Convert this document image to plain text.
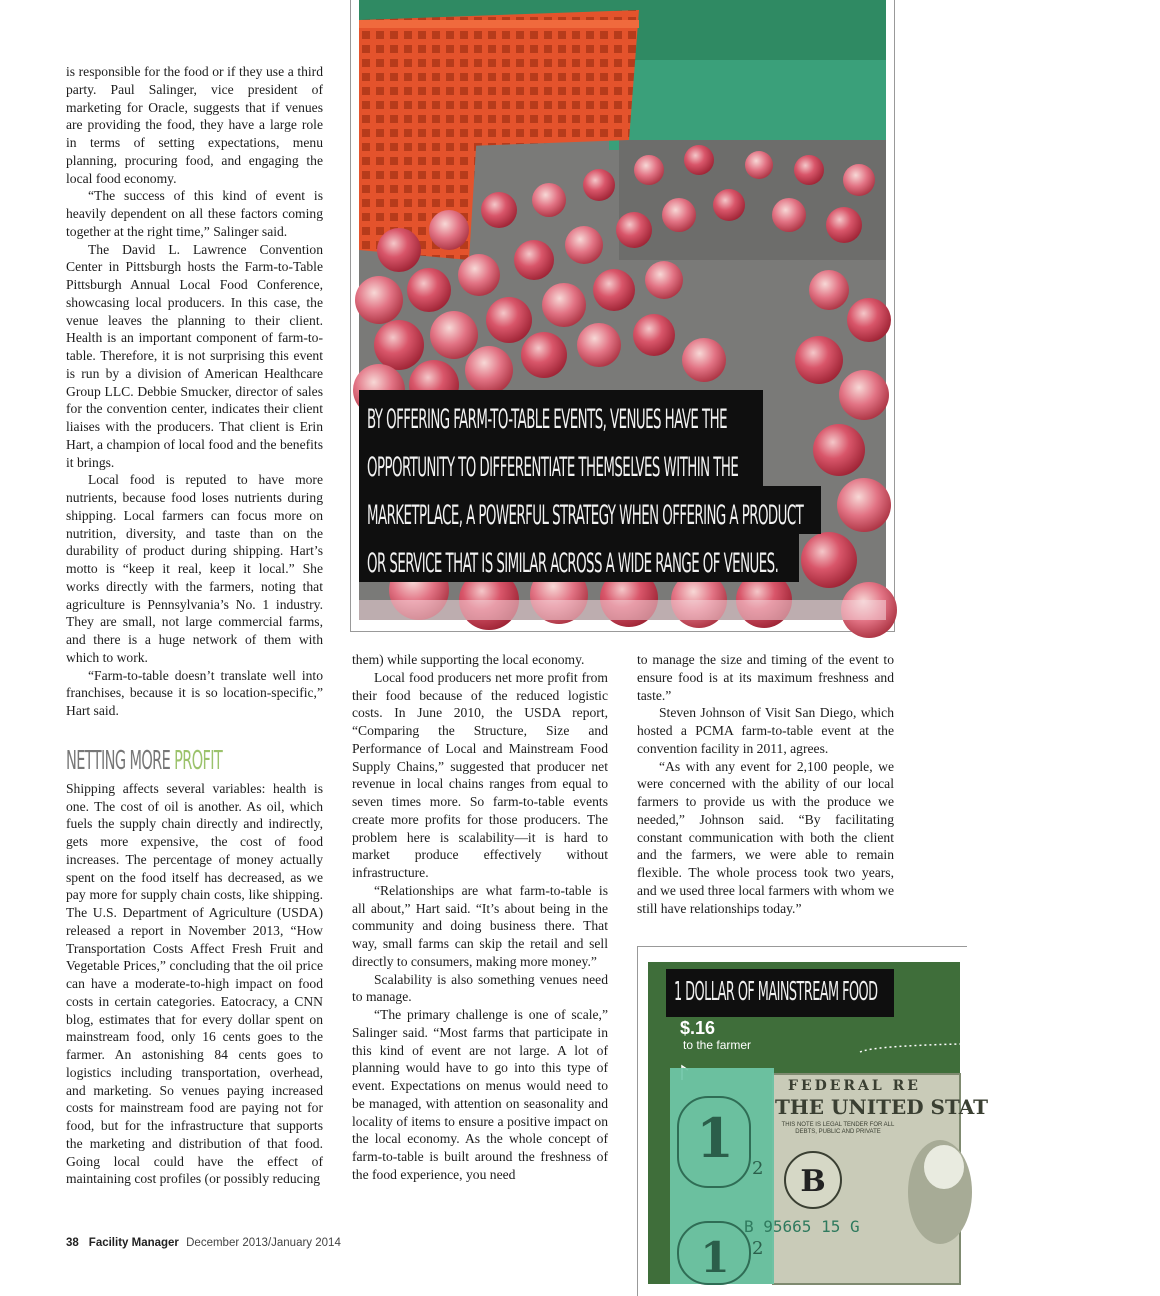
is responsible for the food or if they use a third party. Paul Salinger, vice president of marketing for Oracle, suggests that if venues are providing the food, they have a large role in terms of setting expectations, menu planning, procuring food, and engaging the local food economy.

“The success of this kind of event is heavily dependent on all these factors coming together at the right time,” Salinger said.

The David L. Lawrence Convention Center in Pittsburgh hosts the Farm-to-Table Pittsburgh Annual Local Food Conference, showcasing local producers. In this case, the venue leaves the planning to their client. Health is an important component of farm-to-table. Therefore, it is not surprising this event is run by a division of American Healthcare Group LLC. Debbie Smucker, director of sales for the convention center, indicates their client liaises with the producers. That client is Erin Hart, a champion of local food and the benefits it brings.

Local food is reputed to have more nutrients, because food loses nutrients during shipping. Local farmers can focus more on nutrition, diversity, and taste than on the durability of product during shipping. Hart’s motto is “keep it real, keep it local.” She works directly with the farmers, noting that agriculture is Pennsylvania’s No. 1 industry. They are small, not large commercial farms, and there is a huge network of them with which to work.

“Farm-to-table doesn’t translate well into franchises, because it is so location-specific,” Hart said.

NETTING MORE PROFIT

Shipping affects several variables: health is one. The cost of oil is another. As oil, which fuels the supply chain directly and indirectly, gets more expensive, the cost of food increases. The percentage of money actually spent on the food itself has decreased, as we pay more for supply chain costs, like shipping. The U.S. Department of Agriculture (USDA) released a report in November 2013, “How Transportation Costs Affect Fresh Fruit and Vegetable Prices,” concluding that the oil price can have a moderate-to-high impact on food costs in certain categories. Eatocracy, a CNN blog, estimates that for every dollar spent on mainstream food, only 16 cents goes to the farmer. An astonishing 84 cents goes to logistics including transportation, overhead, and marketing. So venues paying increased costs for mainstream food are paying not for food, but for the infrastructure that supports the marketing and distribution of that food. Going local could have the effect of maintaining cost profiles (or possibly reducing

BY OFFERING FARM-TO-TABLE EVENTS, VENUES HAVE THE
OPPORTUNITY TO DIFFERENTIATE THEMSELVES WITHIN THE
MARKETPLACE, A POWERFUL STRATEGY WHEN OFFERING A PRODUCT
OR SERVICE THAT IS SIMILAR ACROSS A WIDE RANGE OF VENUES.

them) while supporting the local economy.

Local food producers net more profit from their food because of the reduced logistic costs. In June 2010, the USDA report, “Comparing the Structure, Size and Performance of Local and Mainstream Food Supply Chains,” suggested that producer net revenue in local chains ranges from equal to seven times more. So farm-to-table events create more profits for those producers. The problem here is scalability—it is hard to market produce effectively without infrastructure.

“Relationships are what farm-to-table is all about,” Hart said. “It’s about being in the community and doing business there. That way, small farms can skip the retail and sell directly to consumers, making more money.”

Scalability is also something venues need to manage.

“The primary challenge is one of scale,” Salinger said. “Most farms that participate in this kind of event are not large. A lot of planning would have to go into this type of event. Expectations on menus would need to be managed, with attention on seasonality and locality of items to ensure a positive impact on the local economy. As the whole concept of farm-to-table is built around the freshness of the food experience, you need

to manage the size and timing of the event to ensure food is at its maximum freshness and taste.”

Steven Johnson of Visit San Diego, which hosted a PCMA farm-to-table event at the convention facility in 2011, agrees.

“As with any event for 2,100 people, we were concerned with the ability of our local farmers to provide us with the produce we needed,” Johnson said. “By facilitating constant communication with both the client and the farmers, we were able to remain flexible. The whole process took two years, and we used three local farmers with whom we still have relationships today.”

1 DOLLAR OF MAINSTREAM FOOD
$.16
to the farmer
1
1
2
2
FEDERAL RE
THE UNITED STAT
THIS NOTE IS LEGAL TENDER FOR ALL DEBTS, PUBLIC AND PRIVATE
B
B 95665 15 G
38 Facility Manager December 2013/January 2014
